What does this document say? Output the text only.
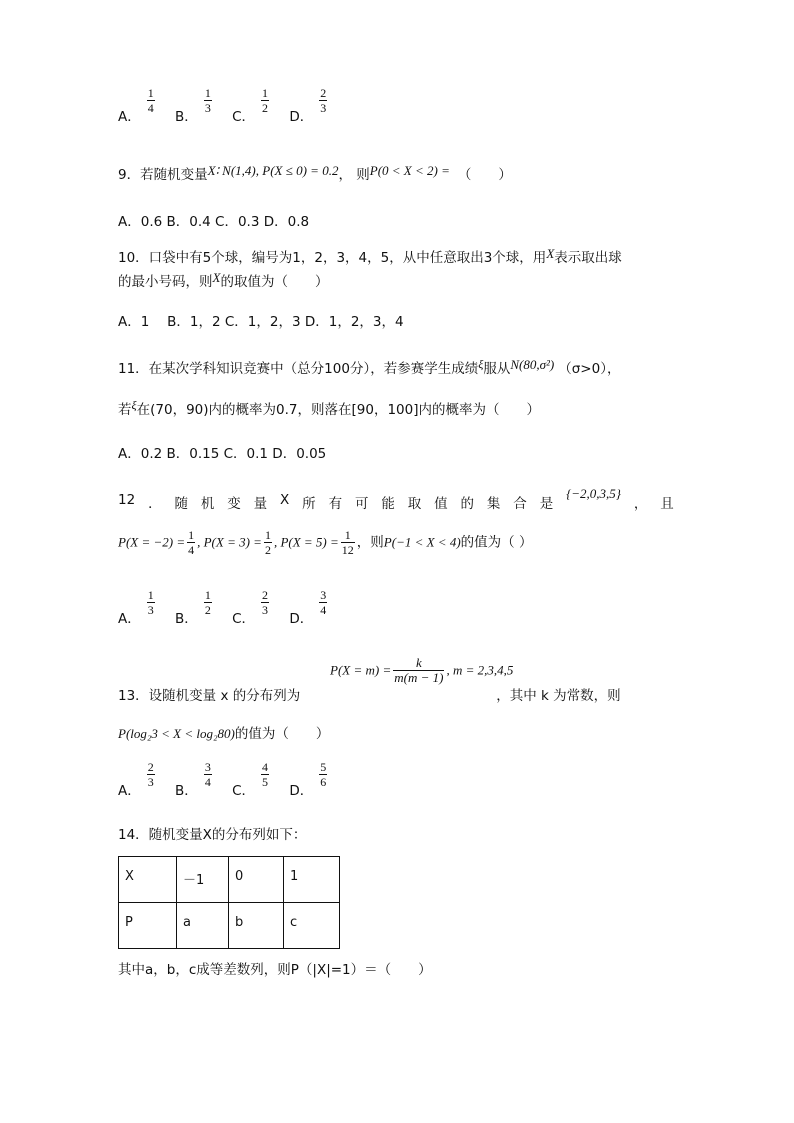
A．
$\frac{1}{4}$

B．
$\frac{1}{3}$

C．
$\frac{1}{2}$

D．
$\frac{2}{3}$
9．若随机变量X∶ N(1,4), P(X ≤ 0) = 0.2， 则P(0 < X < 2) = （　　）
A．0.6 B．0.4 C．0.3 D．0.8
10．口袋中有5个球，编号为1，2，3，4，5，从中任意取出3个球，用X表示取出球
的最小号码，则X的取值为（　　）
A．1　 B．1，2 C．1，2，3 D．1，2，3，4
11．在某次学科知识竞赛中（总分100分），若参赛学生成绩ξ服从N(80,σ²) （σ>0），
若ξ在(70，90)内的概率为0.7，则落在[90，100]内的概率为（　　）
A．0.2 B．0.15 C．0.1 D．0.05
12 ． 随 机 变 量 X 所 有 可 能 取 值 的 集 合 是
{−2,0,3,5}
， 且
$P(X = -2) = \frac{1}{4}$ , $P(X = 3) = \frac{1}{2}$ , $P(X = 5) = \frac{1}{12}$ ，则P(−1 < X < 4)的值为（ ）
A．
$\frac{1}{3}$

B．
$\frac{1}{2}$

C．
$\frac{2}{3}$

D．
$\frac{3}{4}$
$P(X = m) = \frac{k}{m(m - 1)}$ , m = 2,3,4,5
13．设随机变量 x 的分布列为	，其中 k 为常数，则
P(log₂3 < X < log₂80)的值为（　　）
A．
$\frac{2}{3}$

B．
$\frac{3}{4}$

C．
$\frac{4}{5}$

D．
$\frac{5}{6}$
14．随机变量X的分布列如下：
X	－1	0	1
P	a	b	c
其中a，b，c成等差数列，则P（|X|=1）＝（　　）
